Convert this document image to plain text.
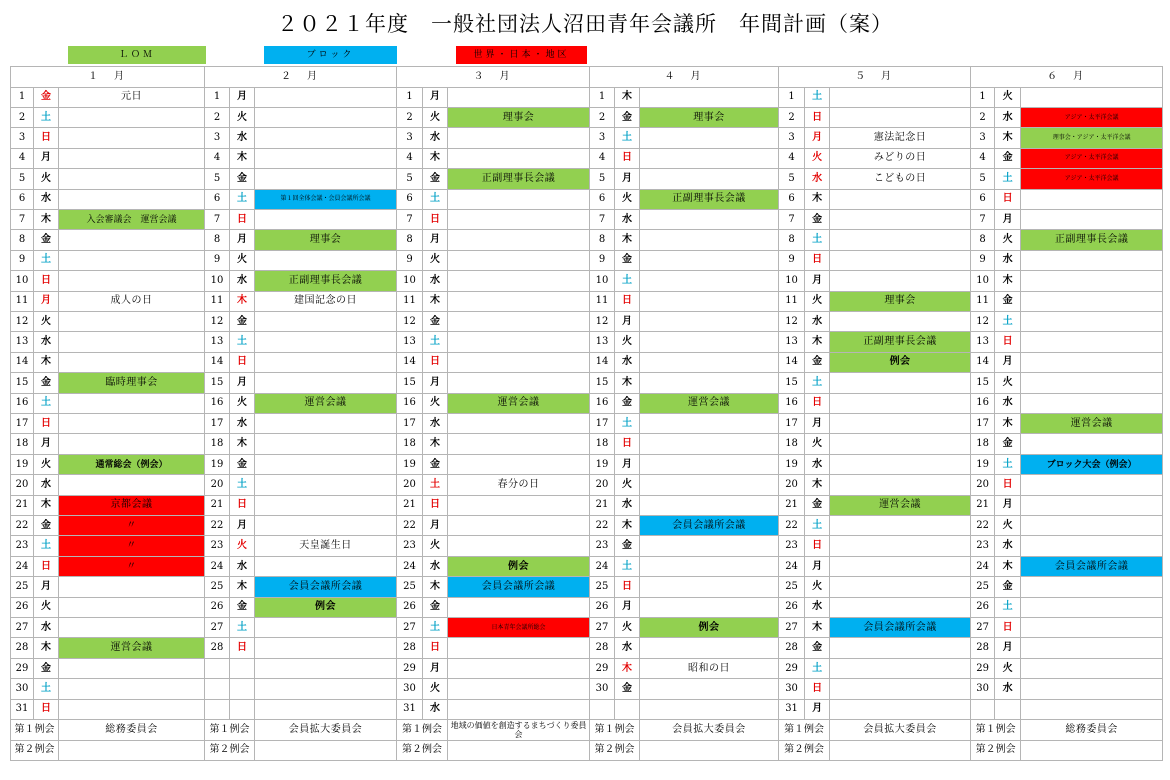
２０２１年度　一般社団法人沼田青年会議所　年間計画（案）
ＬＯＭ	ブロック	世界・日本・地区
１　月			２　月			３　月			４　月			５　月			６　月		
1	金	元日	1	月		1	月		1	木		1	土		1	火	
2	土		2	火		2	火	理事会	2	金	理事会	2	日		2	水	アジア・太平洋会議
3	日		3	水		3	水		3	土		3	月	憲法記念日	3	木	理事会・アジア・太平洋会議
4	月		4	木		4	木		4	日		4	火	みどりの日	4	金	アジア・太平洋会議
5	火		5	金		5	金	正副理事長会議	5	月		5	水	こどもの日	5	土	アジア・太平洋会議
6	水		6	土	第１回全体会議・会員会議所会議	6	土		6	火	正副理事長会議	6	木		6	日	
7	木	入会審議会　運営会議	7	日		7	日		7	水		7	金		7	月	
8	金		8	月	理事会	8	月		8	木		8	土		8	火	正副理事長会議
9	土		9	火		9	火		9	金		9	日		9	水	
10	日		10	水	正副理事長会議	10	水		10	土		10	月		10	木	
11	月	成人の日	11	木	建国記念の日	11	木		11	日		11	火	理事会	11	金	
12	火		12	金		12	金		12	月		12	水		12	土	
13	水		13	土		13	土		13	火		13	木	正副理事長会議	13	日	
14	木		14	日		14	日		14	水		14	金	例会	14	月	
15	金	臨時理事会	15	月		15	月		15	木		15	土		15	火	
16	土		16	火	運営会議	16	火	運営会議	16	金	運営会議	16	日		16	水	
17	日		17	水		17	水		17	土		17	月		17	木	運営会議
18	月		18	木		18	木		18	日		18	火		18	金	
19	火	通常総会（例会）	19	金		19	金		19	月		19	水		19	土	ブロック大会（例会）
20	水		20	土		20	土	春分の日	20	火		20	木		20	日	
21	木	京都会議	21	日		21	日		21	水		21	金	運営会議	21	月	
22	金	〃	22	月		22	月		22	木	会員会議所会議	22	土		22	火	
23	土	〃	23	火	天皇誕生日	23	火		23	金		23	日		23	水	
24	日	〃	24	水		24	水	例会	24	土		24	月		24	木	会員会議所会議
25	月		25	木	会員会議所会議	25	木	会員会議所会議	25	日		25	火		25	金	
26	火		26	金	例会	26	金		26	月		26	水		26	土	
27	水		27	土		27	土	日本青年会議所総会	27	火	例会	27	木	会員会議所会議	27	日	
28	木	運営会議	28	日		28	日		28	水		28	金		28	月	
29	金					29	月		29	木	昭和の日	29	土		29	火	
30	土					30	火		30	金		30	日		30	水	
31	日					31	水					31	月				
第１例会		総務委員会	第１例会		会員拡大委員会	第１例会		地域の価値を創造するまちづくり委員会	第１例会		会員拡大委員会	第１例会		会員拡大委員会	第１例会		総務委員会
第２例会			第２例会			第２例会			第２例会			第２例会			第２例会		
